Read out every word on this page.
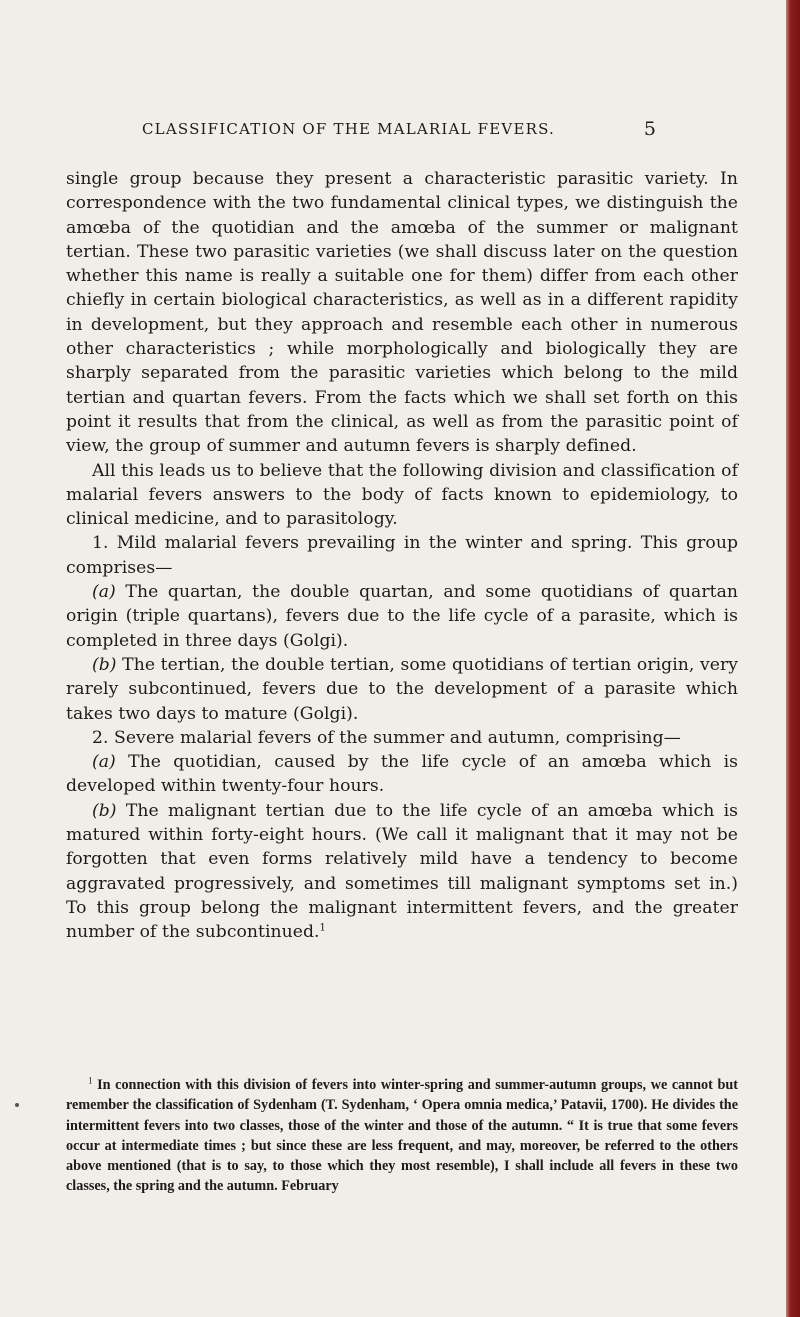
CLASSIFICATION OF THE MALARIAL FEVERS.	5

single group because they present a characteristic parasitic variety. In correspondence with the two fundamental clinical types, we distinguish the amœba of the quotidian and the amœba of the summer or malignant tertian. These two parasitic varieties (we shall discuss later on the question whether this name is really a suitable one for them) differ from each other chiefly in certain biological characteristics, as well as in a different rapidity in development, but they approach and resemble each other in numerous other characteristics ; while morphologically and biologically they are sharply separated from the parasitic varieties which belong to the mild tertian and quartan fevers. From the facts which we shall set forth on this point it results that from the clinical, as well as from the parasitic point of view, the group of summer and autumn fevers is sharply defined.

All this leads us to believe that the following division and classification of malarial fevers answers to the body of facts known to epidemiology, to clinical medicine, and to parasitology.

1. Mild malarial fevers prevailing in the winter and spring. This group comprises—

(a) The quartan, the double quartan, and some quotidians of quartan origin (triple quartans), fevers due to the life cycle of a parasite, which is completed in three days (Golgi).

(b) The tertian, the double tertian, some quotidians of tertian origin, very rarely subcontinued, fevers due to the development of a parasite which takes two days to mature (Golgi).

2. Severe malarial fevers of the summer and autumn, comprising—

(a) The quotidian, caused by the life cycle of an amœba which is developed within twenty-four hours.

(b) The malignant tertian due to the life cycle of an amœba which is matured within forty-eight hours. (We call it malignant that it may not be forgotten that even forms relatively mild have a tendency to become aggravated progressively, and sometimes till malignant symptoms set in.) To this group belong the malignant intermittent fevers, and the greater number of the subcontinued.$^1$

$^1$ In connection with this division of fevers into winter-spring and summer-autumn groups, we cannot but remember the classification of Sydenham (T. Sydenham, ‘ Opera omnia medica,’ Patavii, 1700). He divides the intermittent fevers into two classes, those of the winter and those of the autumn. “ It is true that some fevers occur at intermediate times ; but since these are less frequent, and may, moreover, be referred to the others above mentioned (that is to say, to those which they most resemble), I shall include all fevers in these two classes, the spring and the autumn. February
